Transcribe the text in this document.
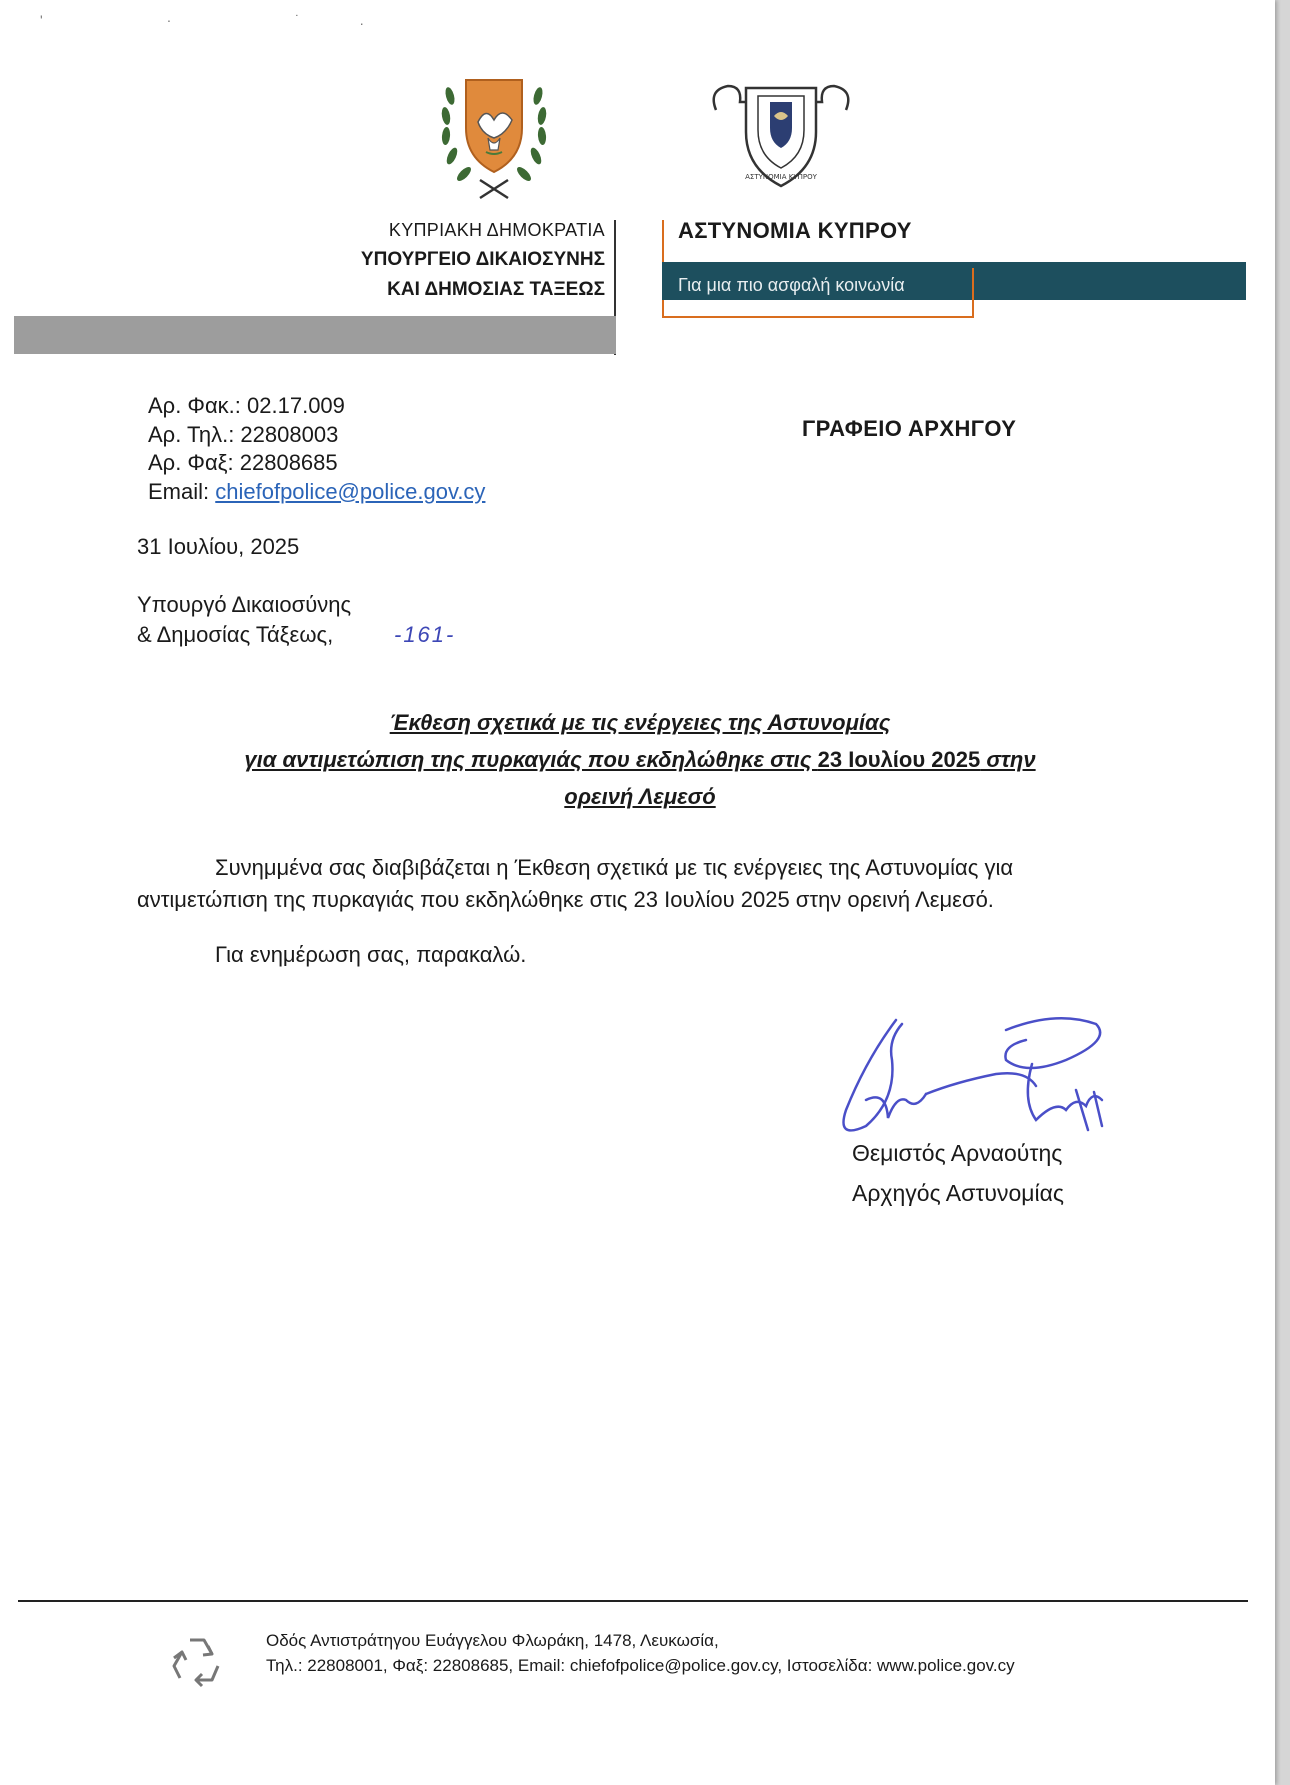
' · ˙.
ΚΥΠΡΙΑΚΗ ΔΗΜΟΚΡΑΤΙΑ
ΥΠΟΥΡΓΕΙΟ ΔΙΚΑΙΟΣΥΝΗΣ
ΚΑΙ ΔΗΜΟΣΙΑΣ ΤΑΞΕΩΣ
ΑΣΤΥΝΟΜΙΑ ΚΥΠΡΟΥ
ΑΣΤΥΝΟΜΙΑ ΚΥΠΡΟΥ
Για μια πιο ασφαλή κοινωνία
Αρ. Φακ.: 02.17.009
Αρ. Τηλ.: 22808003
Αρ. Φαξ: 22808685
Email: chiefofpolice@police.gov.cy
ΓΡΑΦΕΙΟ ΑΡΧΗΓΟΥ
31 Ιουλίου, 2025
Υπουργό Δικαιοσύνης
& Δημοσίας Τάξεως,	-161-
Έκθεση σχετικά με τις ενέργειες της Αστυνομίας
για αντιμετώπιση της πυρκαγιάς που εκδηλώθηκε στις 23 Ιουλίου 2025 στην
ορεινή Λεμεσό
Συνημμένα σας διαβιβάζεται η Έκθεση σχετικά με τις ενέργειες της Αστυνομίας για
αντιμετώπιση της πυρκαγιάς που εκδηλώθηκε στις 23 Ιουλίου 2025 στην ορεινή Λεμεσό.
Για ενημέρωση σας, παρακαλώ.
Θεμιστός Αρναούτης
Αρχηγός Αστυνομίας
Οδός Αντιστράτηγου Ευάγγελου Φλωράκη, 1478, Λευκωσία,
Τηλ.: 22808001, Φαξ: 22808685, Email: chiefofpolice@police.gov.cy, Ιστοσελίδα: www.police.gov.cy
